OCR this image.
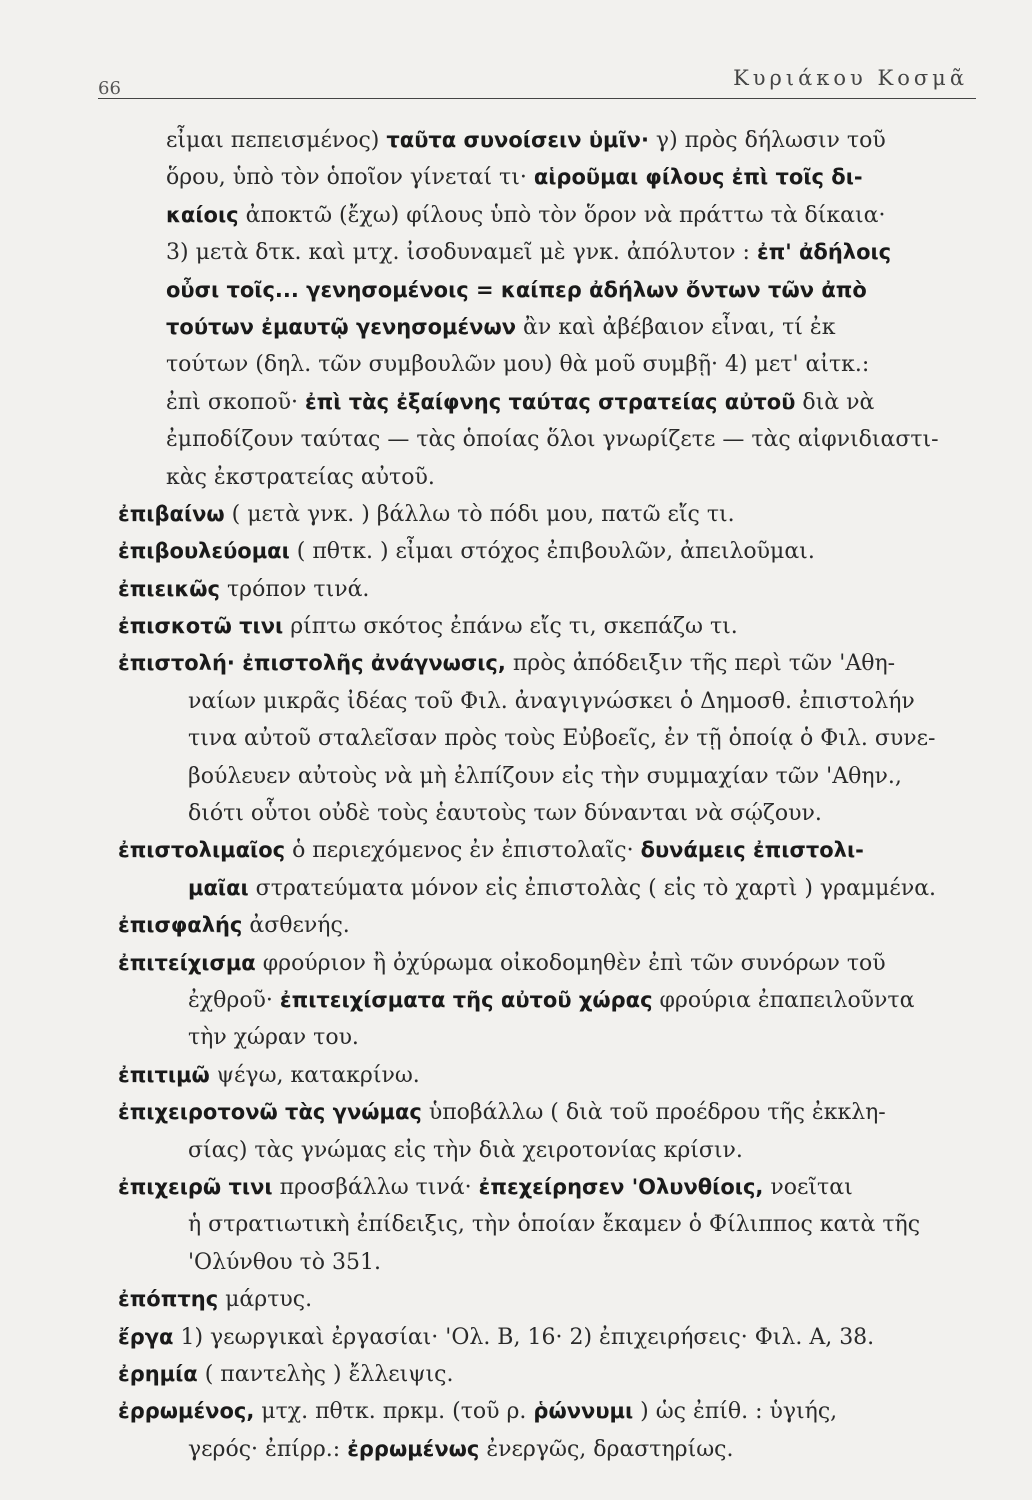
66	Κυριάκου Κοσμᾶ
εἶμαι πεπεισμένος) ταῦτα συνοίσειν ὑμῖν· γ) πρὸς δήλωσιν τοῦ
ὅρου, ὑπὸ τὸν ὁποῖον γίνεταί τι· αἱροῦμαι φίλους ἐπὶ τοῖς δι-
καίοις ἀποκτῶ (ἔχω) φίλους ὑπὸ τὸν ὅρον νὰ πράττω τὰ δίκαια·
3) μετὰ δτκ. καὶ μτχ. ἰσοδυναμεῖ μὲ γνκ. ἀπόλυτον : ἐπ' ἀδήλοις
οὖσι τοῖς... γενησομένοις = καίπερ ἀδήλων ὄντων τῶν ἀπὸ
τούτων ἐμαυτῷ γενησομένων ἂν καὶ ἀβέβαιον εἶναι, τί ἐκ
τούτων (δηλ. τῶν συμβουλῶν μου) θὰ μοῦ συμβῇ· 4) μετ' αἰτκ.:
ἐπὶ σκοποῦ· ἐπὶ τὰς ἐξαίφνης ταύτας στρατείας αὐτοῦ διὰ νὰ
ἐμποδίζουν ταύτας — τὰς ὁποίας ὅλοι γνωρίζετε — τὰς αἰφνιδιαστι-
κὰς ἐκστρατείας αὐτοῦ.
ἐπιβαίνω ( μετὰ γνκ. ) βάλλω τὸ πόδι μου, πατῶ εἴς τι.
ἐπιβουλεύομαι ( πθτκ. ) εἶμαι στόχος ἐπιβουλῶν, ἀπειλοῦμαι.
ἐπιεικῶς τρόπον τινά.
ἐπισκοτῶ τινι ρίπτω σκότος ἐπάνω εἴς τι, σκεπάζω τι.
ἐπιστολή· ἐπιστολῆς ἀνάγνωσις, πρὸς ἀπόδειξιν τῆς περὶ τῶν 'Αθη-
ναίων μικρᾶς ἰδέας τοῦ Φιλ. ἀναγιγνώσκει ὁ Δημοσθ. ἐπιστολήν
τινα αὐτοῦ σταλεῖσαν πρὸς τοὺς Εὐβοεῖς, ἐν τῇ ὁποίᾳ ὁ Φιλ. συνε-
βούλευεν αὐτοὺς νὰ μὴ ἐλπίζουν εἰς τὴν συμμαχίαν τῶν 'Αθην.,
διότι οὗτοι οὐδὲ τοὺς ἑαυτοὺς των δύνανται νὰ σῴζουν.
ἐπιστολιμαῖος ὁ περιεχόμενος ἐν ἐπιστολαῖς· δυνάμεις ἐπιστολι-
μαῖαι στρατεύματα μόνον εἰς ἐπιστολὰς ( εἰς τὸ χαρτὶ ) γραμμένα.
ἐπισφαλής ἀσθενής.
ἐπιτείχισμα φρούριον ἢ ὀχύρωμα οἰκοδομηθὲν ἐπὶ τῶν συνόρων τοῦ
ἐχθροῦ· ἐπιτειχίσματα τῆς αὐτοῦ χώρας φρούρια ἐπαπειλοῦντα
τὴν χώραν του.
ἐπιτιμῶ ψέγω, κατακρίνω.
ἐπιχειροτονῶ τὰς γνώμας ὑποβάλλω ( διὰ τοῦ προέδρου τῆς ἐκκλη-
σίας) τὰς γνώμας εἰς τὴν διὰ χειροτονίας κρίσιν.
ἐπιχειρῶ τινι προσβάλλω τινά· ἐπεχείρησεν 'Ολυνθίοις, νοεῖται
ἡ στρατιωτικὴ ἐπίδειξις, τὴν ὁποίαν ἔκαμεν ὁ Φίλιππος κατὰ τῆς
'Ολύνθου τὸ 351.
ἐπόπτης μάρτυς.
ἔργα 1) γεωργικαὶ ἐργασίαι· 'Ολ. Β, 16· 2) ἐπιχειρήσεις· Φιλ. Α, 38.
ἐρημία ( παντελὴς ) ἔλλειψις.
ἐρρωμένος, μτχ. πθτκ. πρκμ. (τοῦ ρ. ῥώννυμι ) ὡς ἐπίθ. : ὑγιής,
γερός· ἐπίρρ.: ἐρρωμένως ἐνεργῶς, δραστηρίως.
